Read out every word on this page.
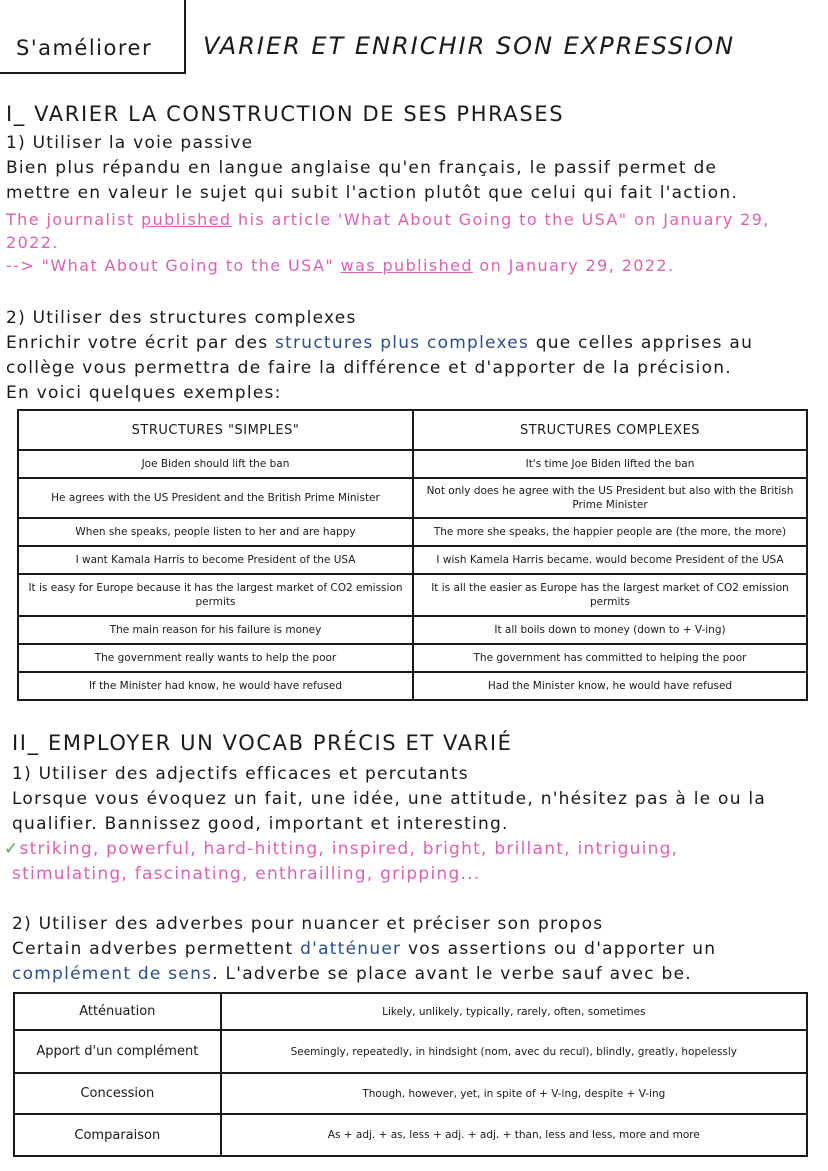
S'améliorer VARIER ET ENRICHIR SON EXPRESSION
I_ VARIER LA CONSTRUCTION DE SES PHRASES
1) Utiliser la voie passive
Bien plus répandu en langue anglaise qu'en français, le passif permet de
mettre en valeur le sujet qui subit l'action plutôt que celui qui fait l'action.
The journalist published his article 'What About Going to the USA" on January 29,
2022.
--> "What About Going to the USA" was published on January 29, 2022.
2) Utiliser des structures complexes
Enrichir votre écrit par des structures plus complexes que celles apprises au
collège vous permettra de faire la différence et d'apporter de la précision.
En voici quelques exemples:
STRUCTURES "SIMPLES"	STRUCTURES COMPLEXES
Joe Biden should lift the ban	It's time Joe Biden lifted the ban
He agrees with the US President and the British Prime Minister	Not only does he agree with the US President but also with the British Prime Minister
When she speaks, people listen to her and are happy	The more she speaks, the happier people are (the more, the more)
I want Kamala Harris to become President of the USA	I wish Kamela Harris became. would become President of the USA
It is easy for Europe because it has the largest market of CO2 emission permits	It is all the easier as Europe has the largest market of CO2 emission permits
The main reason for his failure is money	It all boils down to money (down to + V-ing)
The government really wants to help the poor	The government has committed to helping the poor
If the Minister had know, he would have refused	Had the Minister know, he would have refused
II_ EMPLOYER UN VOCAB PRÉCIS ET VARIÉ
1) Utiliser des adjectifs efficaces et percutants
Lorsque vous évoquez un fait, une idée, une attitude, n'hésitez pas à le ou la
qualifier. Bannissez good, important et interesting.
✓striking, powerful, hard-hitting, inspired, bright, brillant, intriguing,
stimulating, fascinating, enthrailling, gripping...
2) Utiliser des adverbes pour nuancer et préciser son propos
Certain adverbes permettent d'atténuer vos assertions ou d'apporter un
complément de sens. L'adverbe se place avant le verbe sauf avec be.
Atténuation	Likely, unlikely, typically, rarely, often, sometimes
Apport d'un complément	Seemingly, repeatedly, in hindsight (nom, avec du recul), blindly, greatly, hopelessly
Concession	Though, however, yet, in spite of + V-ing, despite + V-ing
Comparaison	As + adj. + as, less + adj. + adj. + than, less and less, more and more
